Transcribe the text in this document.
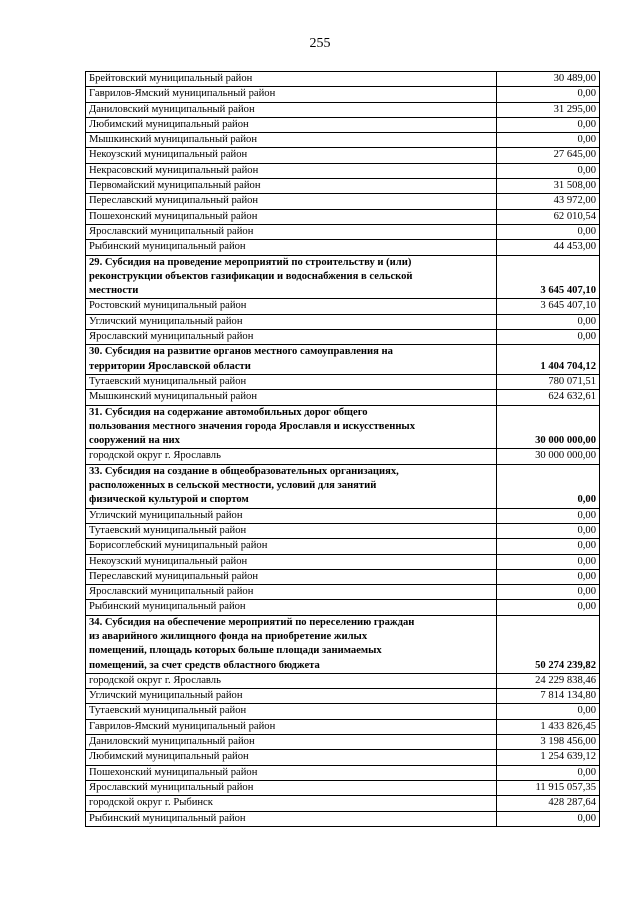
255
Брейтовский муниципальный район	30 489,00
Гаврилов-Ямский муниципальный район	0,00
Даниловский муниципальный район	31 295,00
Любимский муниципальный район	0,00
Мышкинский муниципальный район	0,00
Некоузский муниципальный район	27 645,00
Некрасовский муниципальный район	0,00
Первомайский муниципальный район	31 508,00
Переславский муниципальный район	43 972,00
Пошехонский муниципальный район	62 010,54
Ярославский муниципальный район	0,00
Рыбинский муниципальный район	44 453,00
29. Субсидия на проведение мероприятий по строительству и (или)
реконструкции объектов газификации и водоснабжения в сельской
местности	3 645 407,10
Ростовский муниципальный район	3 645 407,10
Угличский муниципальный район	0,00
Ярославский муниципальный район	0,00
30. Субсидия на развитие органов местного самоуправления на
территории Ярославской области	1 404 704,12
Тутаевский муниципальный район	780 071,51
Мышкинский муниципальный район	624 632,61
31. Субсидия на содержание автомобильных дорог общего
пользования местного значения города Ярославля и искусственных
сооружений на них	30 000 000,00
городской округ г. Ярославль	30 000 000,00
33. Субсидия на создание в общеобразовательных организациях,
расположенных в сельской местности, условий для занятий
физической культурой и спортом	0,00
Угличский муниципальный район	0,00
Тутаевский муниципальный район	0,00
Борисоглебский муниципальный район	0,00
Некоузский муниципальный район	0,00
Переславский муниципальный район	0,00
Ярославский муниципальный район	0,00
Рыбинский муниципальный район	0,00
34. Субсидия на обеспечение мероприятий по переселению граждан
из аварийного жилищного фонда на приобретение жилых
помещений, площадь которых больше площади занимаемых
помещений, за счет средств областного бюджета	50 274 239,82
городской округ г. Ярославль	24 229 838,46
Угличский муниципальный район	7 814 134,80
Тутаевский муниципальный район	0,00
Гаврилов-Ямский муниципальный район	1 433 826,45
Даниловский муниципальный район	3 198 456,00
Любимский муниципальный район	1 254 639,12
Пошехонский муниципальный район	0,00
Ярославский муниципальный район	11 915 057,35
городской округ г. Рыбинск	428 287,64
Рыбинский муниципальный район	0,00
